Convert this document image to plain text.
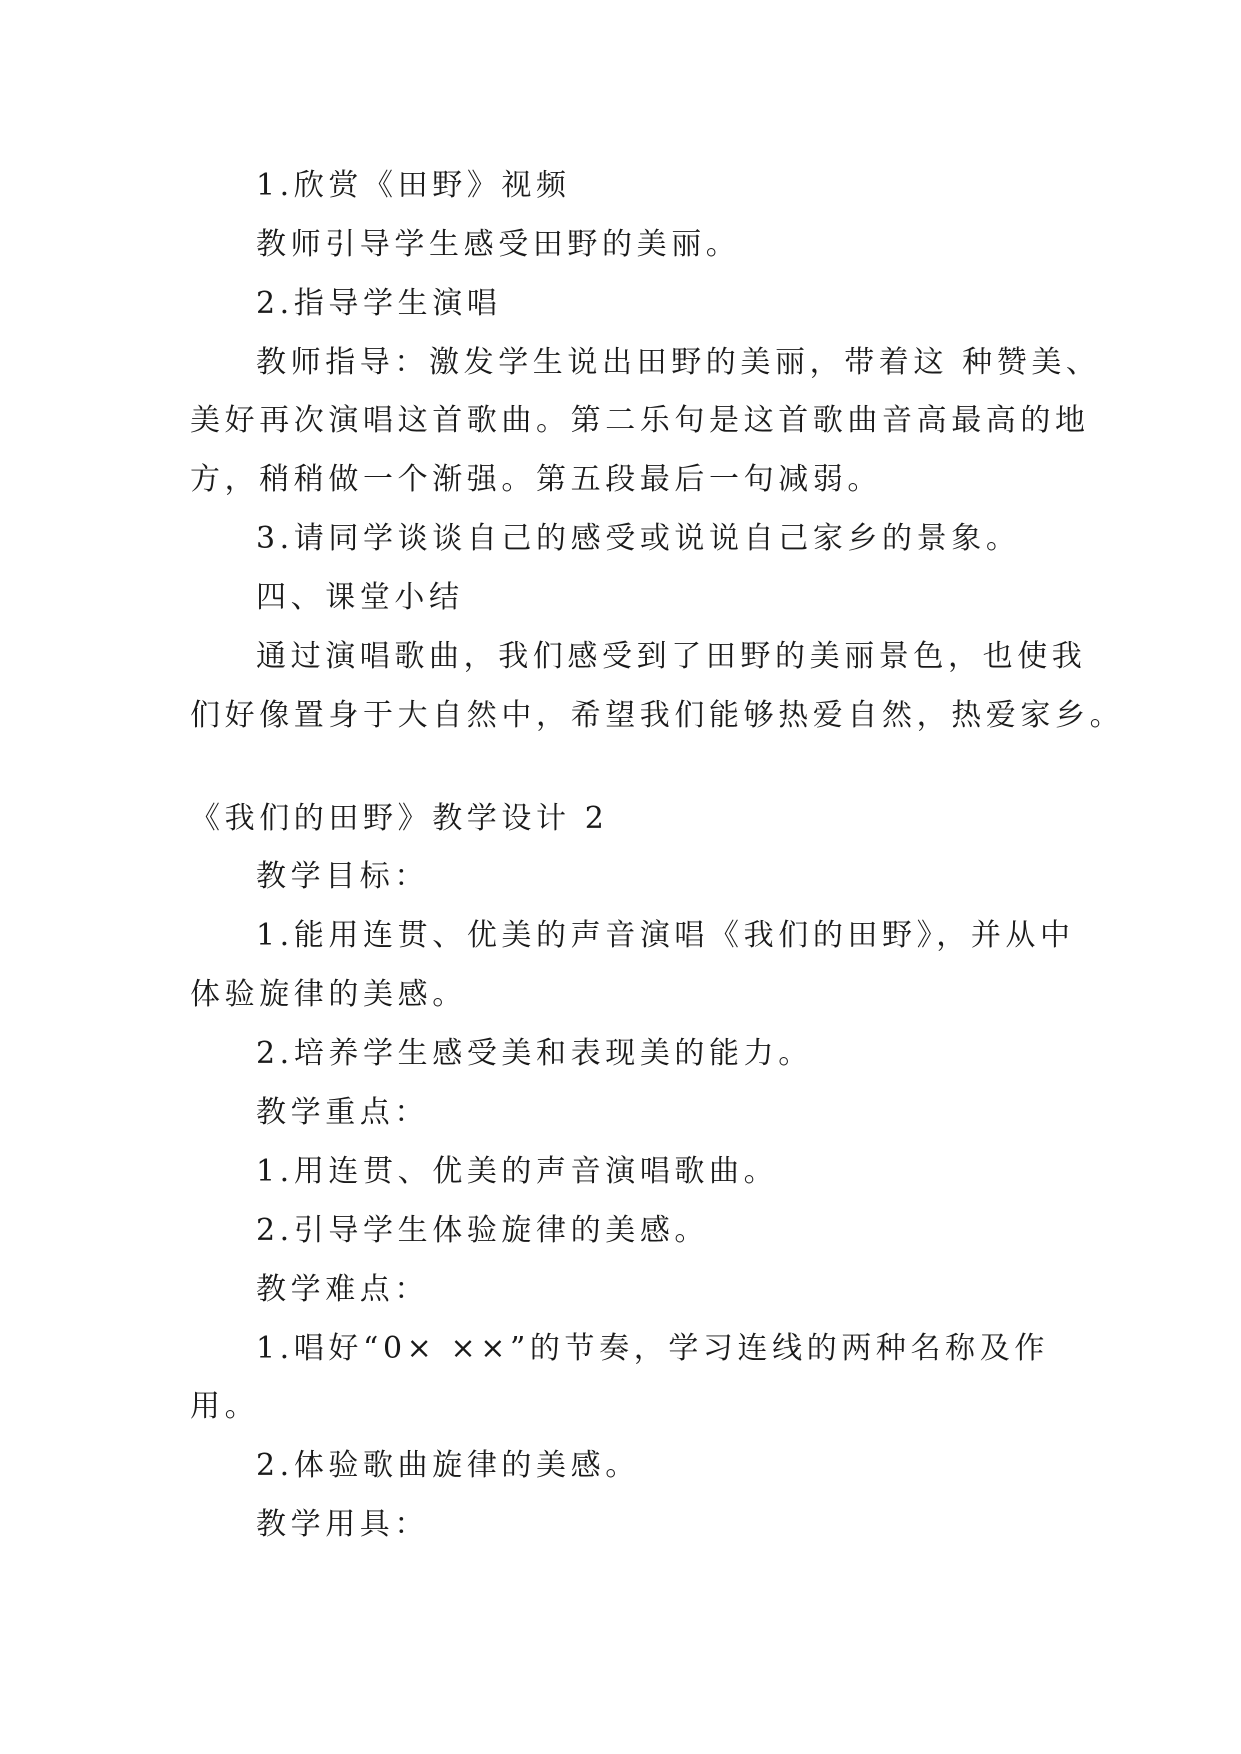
1.欣赏《田野》视频

教师引导学生感受田野的美丽。

2.指导学生演唱

教师指导：激发学生说出田野的美丽，带着这 种赞美、

美好再次演唱这首歌曲。第二乐句是这首歌曲音高最高的地

方，稍稍做一个渐强。第五段最后一句减弱。

3.请同学谈谈自己的感受或说说自己家乡的景象。

四、课堂小结

通过演唱歌曲，我们感受到了田野的美丽景色，也使我

们好像置身于大自然中，希望我们能够热爱自然，热爱家乡。

《我们的田野》教学设计 2

教学目标：

1.能用连贯、优美的声音演唱《我们的田野》，并从中

体验旋律的美感。

2.培养学生感受美和表现美的能力。

教学重点：

1.用连贯、优美的声音演唱歌曲。

2.引导学生体验旋律的美感。

教学难点：

1.唱好“0× ××”的节奏，学习连线的两种名称及作

用。

2.体验歌曲旋律的美感。

教学用具：
